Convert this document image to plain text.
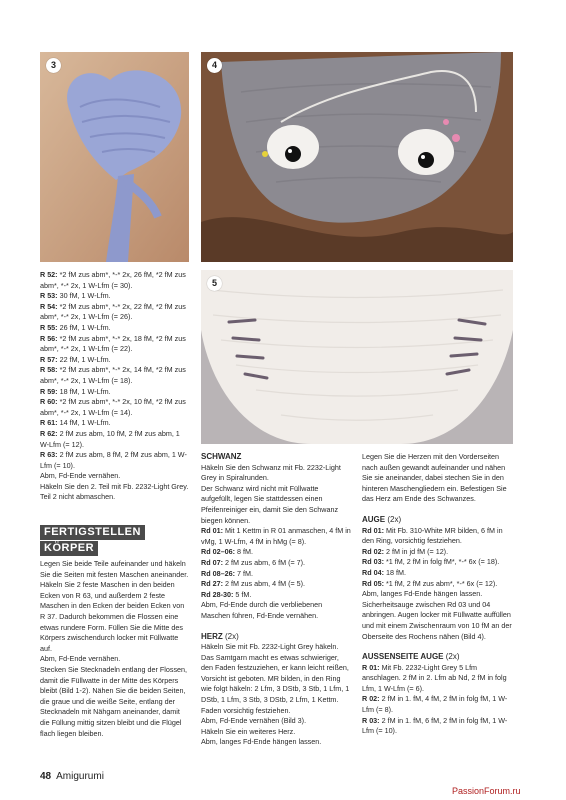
3	4
5

R 52: *2 fM zus abm*, *-* 2x, 26 fM, *2 fM zus abm*, *-* 2x, 1 W-Lfm (= 30).

R 53: 30 fM, 1 W-Lfm.

R 54: *2 fM zus abm*, *-* 2x, 22 fM, *2 fM zus abm*, *-* 2x, 1 W-Lfm (= 26).

R 55: 26 fM, 1 W-Lfm.

R 56: *2 fM zus abm*, *-* 2x, 18 fM, *2 fM zus abm*, *-* 2x, 1 W-Lfm (= 22).

R 57: 22 fM, 1 W-Lfm.

R 58: *2 fM zus abm*, *-* 2x, 14 fM, *2 fM zus abm*, *-* 2x, 1 W-Lfm (= 18).

R 59: 18 fM, 1 W-Lfm.

R 60: *2 fM zus abm*, *-* 2x, 10 fM, *2 fM zus abm*, *-* 2x, 1 W-Lfm (= 14).

R 61: 14 fM, 1 W-Lfm.

R 62: 2 fM zus abm, 10 fM, 2 fM zus abm, 1 W-Lfm (= 12).

R 63: 2 fM zus abm, 8 fM, 2 fM zus abm, 1 W-Lfm (= 10).

Abm, Fd-Ende vernähen.

Häkeln Sie den 2. Teil mit Fb. 2232-Light Grey. Teil 2 nicht abmaschen.

FERTIGSTELLEN
KÖRPER

Legen Sie beide Teile aufeinander und häkeln Sie die Seiten mit festen Maschen aneinander. Häkeln Sie 2 feste Maschen in den beiden Ecken von R 63, und außerdem 2 feste Maschen in den Ecken der beiden Ecken von R 37. Dadurch bekommen die Flossen eine etwas rundere Form. Füllen Sie die Mitte des Körpers zwischendurch locker mit Füllwatte auf.
Abm, Fd-Ende vernähen.
Stecken Sie Stecknadeln entlang der Flossen, damit die Füllwatte in der Mitte des Körpers bleibt (Bild 1-2). Nähen Sie die beiden Seiten, die graue und die weiße Seite, entlang der Stecknadeln mit Nähgarn aneinander, damit die Füllung mittig sitzen bleibt und die Flügel flach liegen bleiben.

SCHWANZ

Häkeln Sie den Schwanz mit Fb. 2232-Light Grey in Spiralrunden.
Der Schwanz wird nicht mit Füllwatte aufgefüllt, legen Sie stattdessen einen Pfeifenreiniger ein, damit Sie den Schwanz biegen können.

Rd 01: Mit 1 Kettm in R 01 anmaschen, 4 fM in vMg, 1 W-Lfm, 4 fM in hMg (= 8).

Rd 02–06: 8 fM.

Rd 07: 2 fM zus abm, 6 fM (= 7).

Rd 08–26: 7 fM.

Rd 27: 2 fM zus abm, 4 fM (= 5).

Rd 28-30: 5 fM.

Abm, Fd-Ende durch die verbliebenen Maschen führen, Fd-Ende vernähen.

HERZ (2x)

Häkeln Sie mit Fb. 2232-Light Grey häkeln. Das Samtgarn macht es etwas schwieriger, den Faden festzuziehen, er kann leicht reißen, Vorsicht ist geboten. MR bilden, in den Ring wie folgt häkeln: 2 Lfm, 3 DStb, 3 Stb, 1 Lfm, 1 DStb, 1 Lfm, 3 Stb, 3 DStb, 2 Lfm, 1 Kettm. Faden vorsichtig festziehen.
Abm, Fd-Ende vernähen (Bild 3).
Häkeln Sie ein weiteres Herz.
Abm, langes Fd-Ende hängen lassen.

Legen Sie die Herzen mit den Vorderseiten nach außen gewandt aufeinander und nähen Sie sie aneinander, dabei stechen Sie in den hinteren Maschengliedern ein. Befestigen Sie das Herz am Ende des Schwanzes.

AUGE (2x)

Rd 01: Mit Fb. 310-White MR bilden, 6 fM in den Ring, vorsichtig festziehen.

Rd 02: 2 fM in jd fM (= 12).

Rd 03: *1 fM, 2 fM in folg fM*, *-* 6x (= 18).

Rd 04: 18 fM.

Rd 05: *1 fM, 2 fM zus abm*, *-* 6x (= 12).

Abm, langes Fd-Ende hängen lassen.
Sicherheitsauge zwischen Rd 03 und 04 anbringen. Augen locker mit Füllwatte auffüllen und mit einem Zwischenraum von 10 fM an der Oberseite des Rochens nähen (Bild 4).

AUSSENSEITE AUGE (2x)

R 01: Mit Fb. 2232-Light Grey 5 Lfm anschlagen. 2 fM in 2. Lfm ab Nd, 2 fM in folg Lfm, 1 W-Lfm (= 6).

R 02: 2 fM in 1. fM, 4 fM, 2 fM in folg fM, 1 W-Lfm (= 8).

R 03: 2 fM in 1. fM, 6 fM, 2 fM in folg fM, 1 W-Lfm (= 10).

48 Amigurumi
PassionForum.ru
